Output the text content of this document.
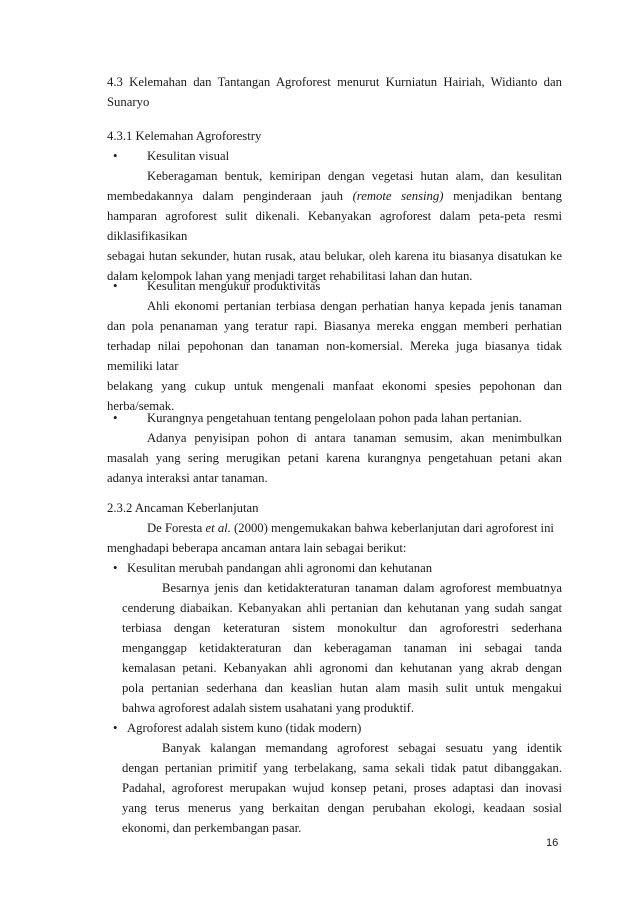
4.3 Kelemahan dan Tantangan Agroforest menurut Kurniatun Hairiah, Widianto dan
Sunaryo
4.3.1 Kelemahan Agroforestry
• Kesulitan visual
Keberagaman bentuk, kemiripan dengan vegetasi hutan alam, dan kesulitan
membedakannya dalam penginderaan jauh (remote sensing) menjadikan bentang
hamparan agroforest sulit dikenali. Kebanyakan agroforest dalam peta-peta resmi
diklasifikasikan
sebagai hutan sekunder, hutan rusak, atau belukar, oleh karena itu biasanya disatukan ke
dalam kelompok lahan yang menjadi target rehabilitasi lahan dan hutan.
• Kesulitan mengukur produktivitas
Ahli ekonomi pertanian terbiasa dengan perhatian hanya kepada jenis tanaman
dan pola penanaman yang teratur rapi. Biasanya mereka enggan memberi perhatian
terhadap nilai pepohonan dan tanaman non-komersial. Mereka juga biasanya tidak
memiliki latar
belakang yang cukup untuk mengenali manfaat ekonomi spesies pepohonan dan
herba/semak.
• Kurangnya pengetahuan tentang pengelolaan pohon pada lahan pertanian.
Adanya penyisipan pohon di antara tanaman semusim, akan menimbulkan
masalah yang sering merugikan petani karena kurangnya pengetahuan petani akan
adanya interaksi antar tanaman.
2.3.2 Ancaman Keberlanjutan
De Foresta et al. (2000) mengemukakan bahwa keberlanjutan dari agroforest ini
menghadapi beberapa ancaman antara lain sebagai berikut:
• Kesulitan merubah pandangan ahli agronomi dan kehutanan
Besarnya jenis dan ketidakteraturan tanaman dalam agroforest membuatnya
cenderung diabaikan. Kebanyakan ahli pertanian dan kehutanan yang sudah sangat
terbiasa dengan keteraturan sistem monokultur dan agroforestri sederhana
menganggap ketidakteraturan dan keberagaman tanaman ini sebagai tanda
kemalasan petani. Kebanyakan ahli agronomi dan kehutanan yang akrab dengan
pola pertanian sederhana dan keaslian hutan alam masih sulit untuk mengakui
bahwa agroforest adalah sistem usahatani yang produktif.
• Agroforest adalah sistem kuno (tidak modern)
Banyak kalangan memandang agroforest sebagai sesuatu yang identik
dengan pertanian primitif yang terbelakang, sama sekali tidak patut dibanggakan.
Padahal, agroforest merupakan wujud konsep petani, proses adaptasi dan inovasi
yang terus menerus yang berkaitan dengan perubahan ekologi, keadaan sosial
ekonomi, dan perkembangan pasar.
16
